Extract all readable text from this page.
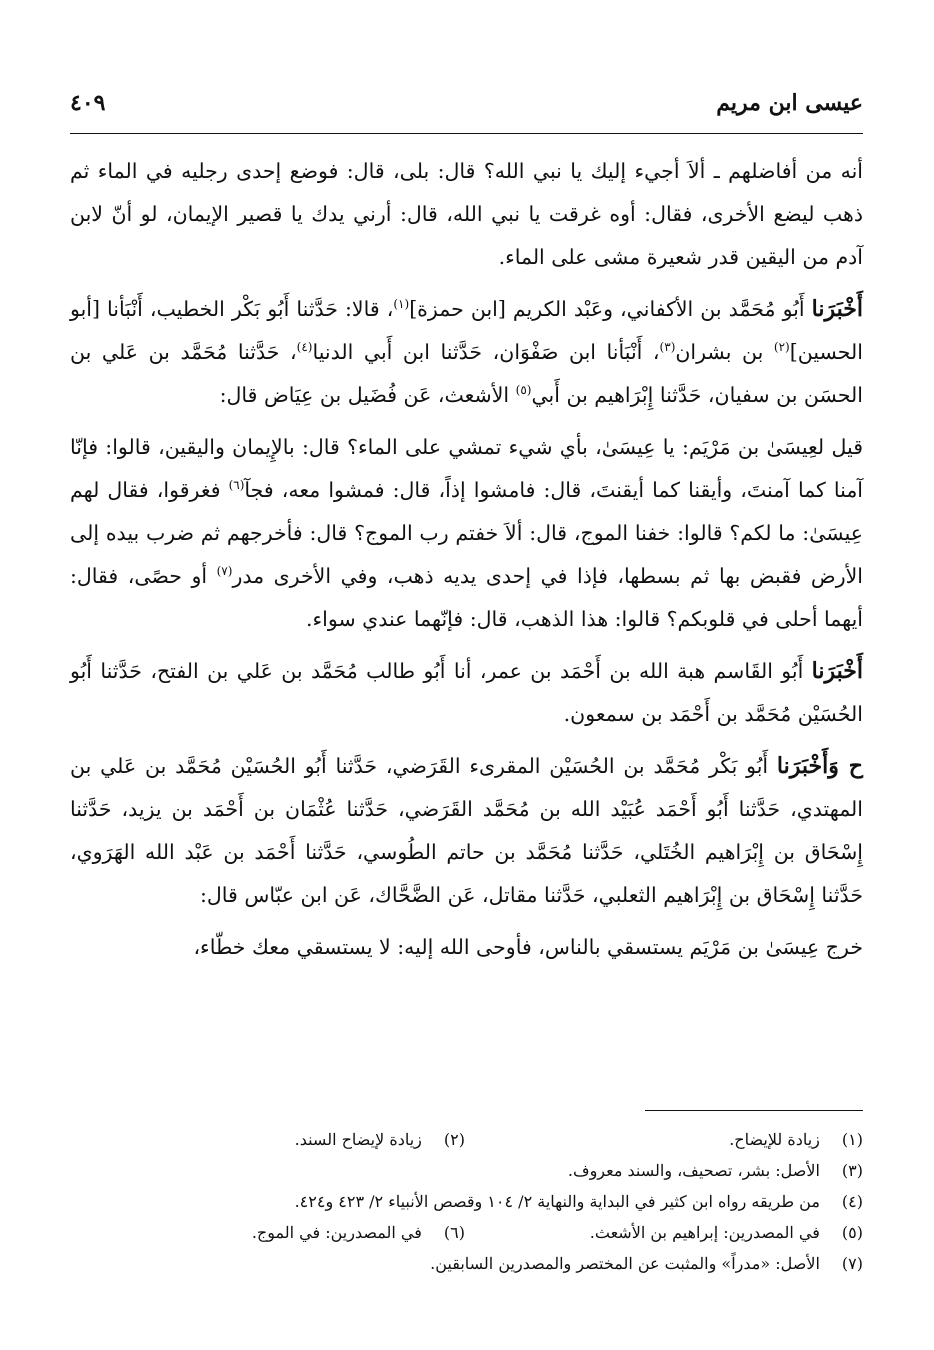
عيسى ابن مريم
٤٠٩

أنه من أفاضلهم ـ ألاَ أجيء إليك يا نبي الله؟ قال: بلى، قال: فوضع إحدى رجليه في الماء ثم ذهب ليضع الأخرى، فقال: أوه غرقت يا نبي الله، قال: أرني يدك يا قصير الإيمان، لو أنّ لابن آدم من اليقين قدر شعيرة مشى على الماء.

أَخْبَرَنا أَبُو مُحَمَّد بن الأكفاني، وعَبْد الكريم [ابن حمزة]$^{(١)}$، قالا: حَدَّثنا أَبُو بَكْر الخطيب، أَنْبَأنا [أبو الحسين]$^{(٢)}$ بن بشران$^{(٣)}$، أَنْبَأنا ابن صَفْوَان، حَدَّثنا ابن أَبي الدنيا$^{(٤)}$، حَدَّثنا مُحَمَّد بن عَلي بن الحسَن بن سفيان، حَدَّثنا إِبْرَاهيم بن أَبي$^{(٥)}$ الأشعث، عَن فُضَيل بن عِيَاض قال:

قيل لعِيسَىٰ بن مَرْيَم: يا عِيسَىٰ، بأي شيء تمشي على الماء؟ قال: بالإِيمان واليقين، قالوا: فإنّا آمنا كما آمنتَ، وأيقنا كما أيقنتَ، قال: فامشوا إذاً، قال: فمشوا معه، فجآ$^{(٦)}$ فغرقوا، فقال لهم عِيسَىٰ: ما لكم؟ قالوا: خفنا الموج، قال: ألاَ خفتم رب الموج؟ قال: فأخرجهم ثم ضرب بيده إلى الأرض فقبض بها ثم بسطها، فإذا في إحدى يديه ذهب، وفي الأخرى مدر$^{(٧)}$ أو حصًى، فقال: أيهما أحلى في قلوبكم؟ قالوا: هذا الذهب، قال: فإنّهما عندي سواء.

أَخْبَرَنا أَبُو القَاسم هبة الله بن أَحْمَد بن عمر، أنا أَبُو طالب مُحَمَّد بن عَلي بن الفتح، حَدَّثنا أَبُو الحُسَيْن مُحَمَّد بن أَحْمَد بن سمعون.

ح وَأَخْبَرَنا أَبُو بَكْر مُحَمَّد بن الحُسَيْن المقرىء القَرَضي، حَدَّثنا أَبُو الحُسَيْن مُحَمَّد بن عَلي بن المهتدي، حَدَّثنا أَبُو أَحْمَد عُبَيْد الله بن مُحَمَّد القَرَضي، حَدَّثنا عُثْمَان بن أَحْمَد بن يزيد، حَدَّثنا إِسْحَاق بن إِبْرَاهيم الخُتَلي، حَدَّثنا مُحَمَّد بن حاتم الطُوسي، حَدَّثنا أَحْمَد بن عَبْد الله الهَرَوي، حَدَّثنا إِسْحَاق بن إِبْرَاهيم الثعلبي، حَدَّثنا مقاتل، عَن الضَّحَّاك، عَن ابن عبّاس قال:

خرج عِيسَىٰ بن مَرْيَم يستسقي بالناس، فأوحى الله إليه: لا يستسقي معك خطّاء،

(١) زيادة للإيضاح.
(٢) زيادة لإيضاح السند.
(٣) الأصل: بشر، تصحيف، والسند معروف.
(٤) من طريقه رواه ابن كثير في البداية والنهاية ٢/ ١٠٤ وقصص الأنبياء ٢/ ٤٢٣ و٤٢٤.
(٥) في المصدرين: إبراهيم بن الأشعث.
(٦) في المصدرين: في الموج.
(٧) الأصل: «مدراً» والمثبت عن المختصر والمصدرين السابقين.
